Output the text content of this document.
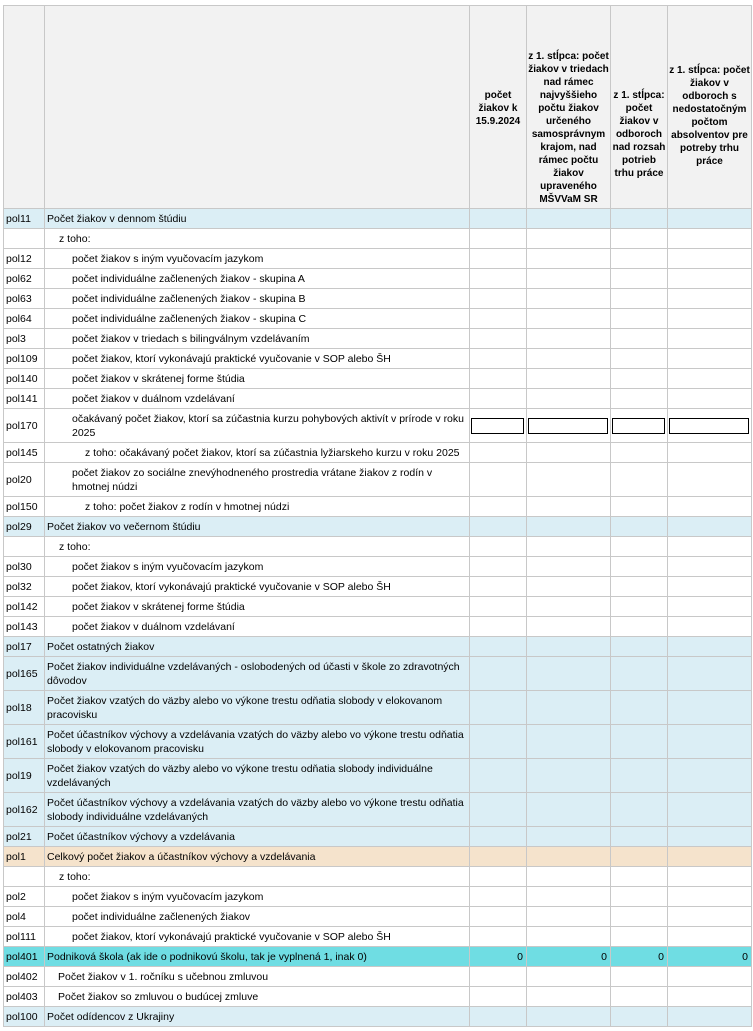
		počet žiakov k 15.9.2024	z 1. stĺpca: počet žiakov v triedach nad rámec najvyššieho počtu žiakov určeného samosprávnym krajom, nad rámec počtu žiakov upraveného MŠVVaM SR	z 1. stĺpca: počet žiakov v odboroch nad rozsah potrieb trhu práce	z 1. stĺpca: počet žiakov v odboroch s nedostatočným počtom absolventov pre potreby trhu práce
pol11	Počet žiakov v dennom štúdiu				
	z toho:				
pol12	počet žiakov s iným vyučovacím jazykom				
pol62	počet individuálne začlenených žiakov - skupina A				
pol63	počet individuálne začlenených žiakov - skupina B				
pol64	počet individuálne začlenených žiakov - skupina C				
pol3	počet žiakov v triedach s bilingválnym vzdelávaním				
pol109	počet žiakov, ktorí vykonávajú praktické vyučovanie v SOP alebo ŠH				
pol140	počet žiakov v skrátenej forme štúdia				
pol141	počet žiakov v duálnom vzdelávaní				
pol170	očakávaný počet žiakov, ktorí sa zúčastnia kurzu pohybových aktivít v prírode v roku 2025	

pol145	z toho: očakávaný počet žiakov, ktorí sa zúčastnia lyžiarskeho kurzu v roku 2025				
pol20	počet žiakov zo sociálne znevýhodneného prostredia vrátane žiakov z rodín v hmotnej núdzi				
pol150	z toho: počet žiakov z rodín v hmotnej núdzi				
pol29	Počet žiakov vo večernom štúdiu				
	z toho:				
pol30	počet žiakov s iným vyučovacím jazykom				
pol32	počet žiakov, ktorí vykonávajú praktické vyučovanie v SOP alebo ŠH				
pol142	počet žiakov v skrátenej forme štúdia				
pol143	počet žiakov v duálnom vzdelávaní				
pol17	Počet ostatných žiakov				
pol165	Počet žiakov individuálne vzdelávaných - oslobodených od účasti v škole zo zdravotných dôvodov				
pol18	Počet žiakov vzatých do väzby alebo vo výkone trestu odňatia slobody v elokovanom pracovisku				
pol161	Počet účastníkov výchovy a vzdelávania vzatých do väzby alebo vo výkone trestu odňatia slobody v elokovanom pracovisku				
pol19	Počet žiakov vzatých do väzby alebo vo výkone trestu odňatia slobody individuálne vzdelávaných				
pol162	Počet účastníkov výchovy a vzdelávania vzatých do väzby alebo vo výkone trestu odňatia slobody individuálne vzdelávaných				
pol21	Počet účastníkov výchovy a vzdelávania				
pol1	Celkový počet žiakov a účastníkov výchovy a vzdelávania				
	z toho:				
pol2	počet žiakov s iným vyučovacím jazykom				
pol4	počet individuálne začlenených žiakov				
pol111	počet žiakov, ktorí vykonávajú praktické vyučovanie v SOP alebo ŠH				
pol401	Podniková škola (ak ide o podnikovú školu, tak je vyplnená 1, inak 0)	0	0	0	0
pol402	Počet žiakov v 1. ročníku s učebnou zmluvou				
pol403	Počet žiakov so zmluvou o budúcej zmluve				
pol100	Počet odídencov z Ukrajiny				
